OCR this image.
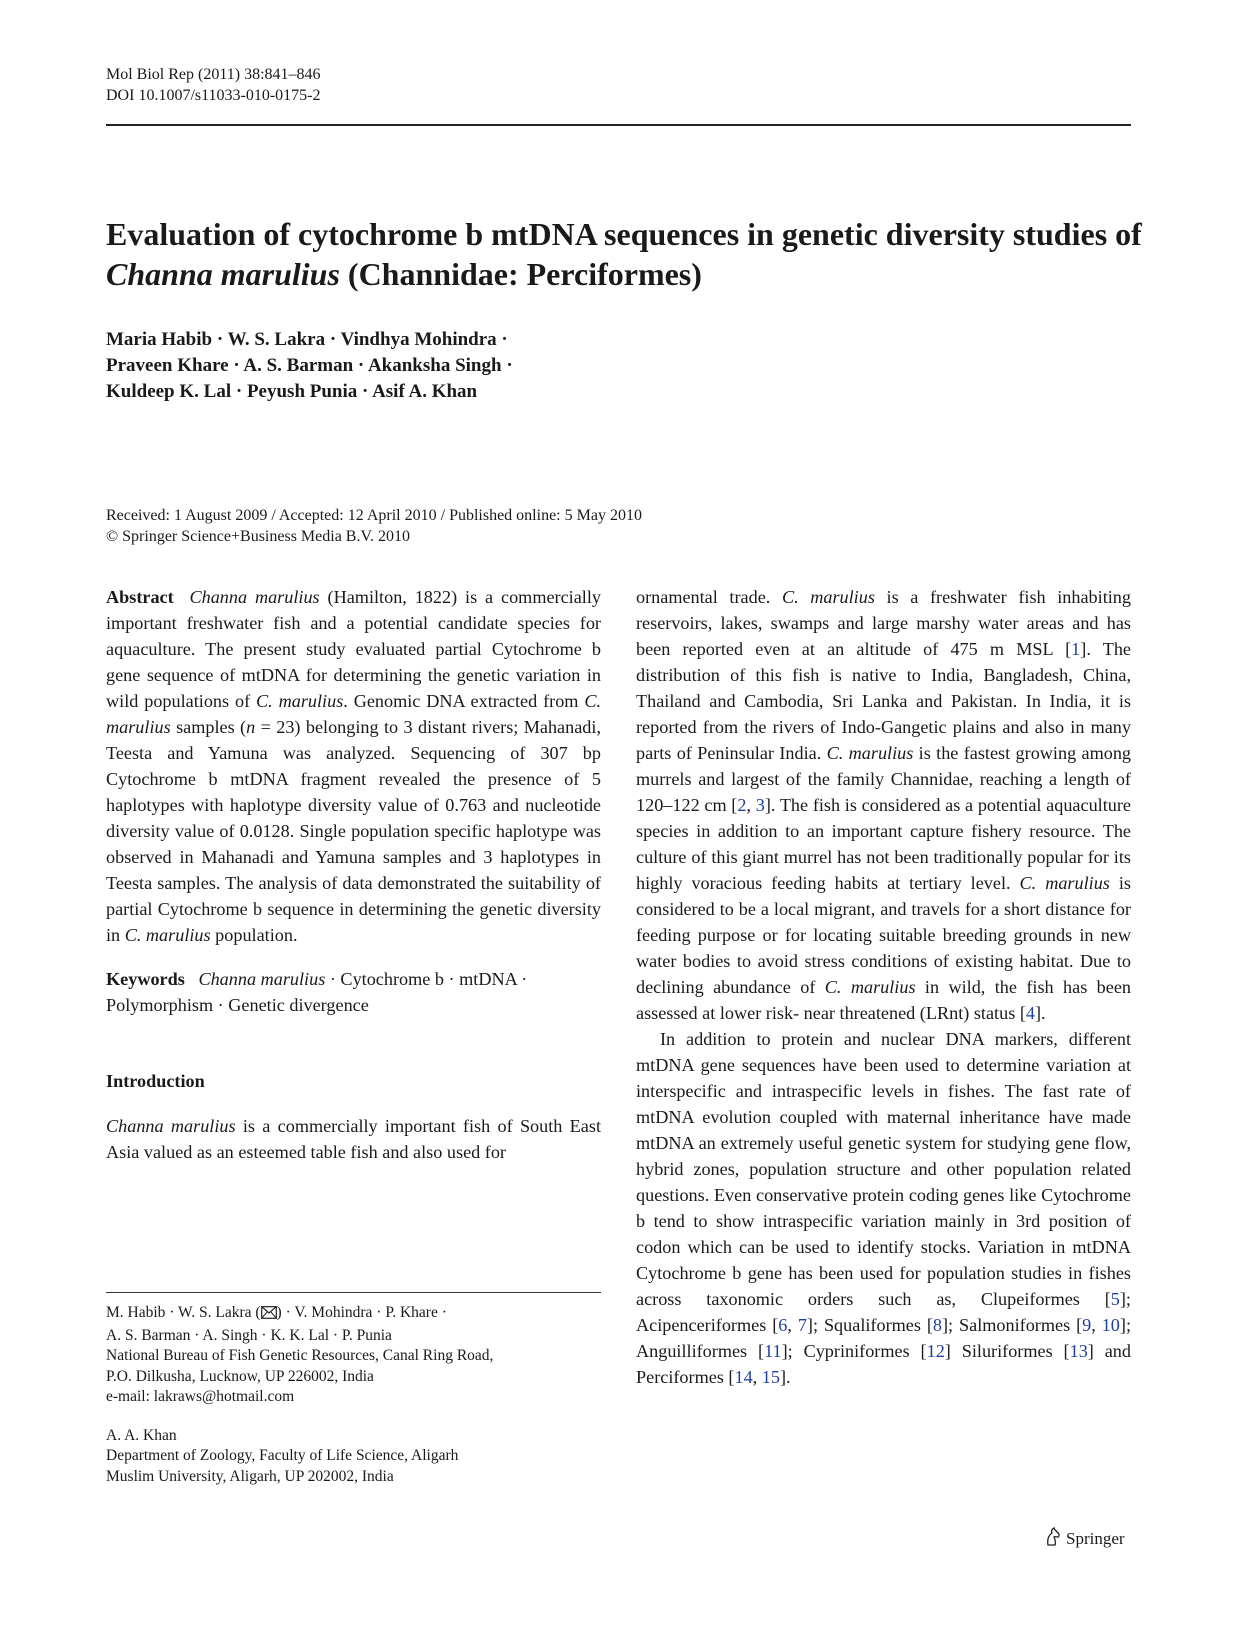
Mol Biol Rep (2011) 38:841–846
DOI 10.1007/s11033-010-0175-2
Evaluation of cytochrome b mtDNA sequences in genetic diversity studies of Channa marulius (Channidae: Perciformes)
Maria Habib · W. S. Lakra · Vindhya Mohindra ·
Praveen Khare · A. S. Barman · Akanksha Singh ·
Kuldeep K. Lal · Peyush Punia · Asif A. Khan
Received: 1 August 2009 / Accepted: 12 April 2010 / Published online: 5 May 2010
© Springer Science+Business Media B.V. 2010

Abstract Channa marulius (Hamilton, 1822) is a commercially important freshwater fish and a potential candidate species for aquaculture. The present study evaluated partial Cytochrome b gene sequence of mtDNA for determining the genetic variation in wild populations of C. marulius. Genomic DNA extracted from C. marulius samples (n = 23) belonging to 3 distant rivers; Mahanadi, Teesta and Yamuna was analyzed. Sequencing of 307 bp Cytochrome b mtDNA fragment revealed the presence of 5 haplotypes with haplotype diversity value of 0.763 and nucleotide diversity value of 0.0128. Single population specific haplotype was observed in Mahanadi and Yamuna samples and 3 haplotypes in Teesta samples. The analysis of data demonstrated the suitability of partial Cytochrome b sequence in determining the genetic diversity in C. marulius population.

Keywords Channa marulius · Cytochrome b · mtDNA · Polymorphism · Genetic divergence

Introduction

Channa marulius is a commercially important fish of South East Asia valued as an esteemed table fish and also used for

ornamental trade. C. marulius is a freshwater fish inhabiting reservoirs, lakes, swamps and large marshy water areas and has been reported even at an altitude of 475 m MSL [1]. The distribution of this fish is native to India, Bangladesh, China, Thailand and Cambodia, Sri Lanka and Pakistan. In India, it is reported from the rivers of Indo-Gangetic plains and also in many parts of Peninsular India. C. marulius is the fastest growing among murrels and largest of the family Channidae, reaching a length of 120–122 cm [2, 3]. The fish is considered as a potential aquaculture species in addition to an important capture fishery resource. The culture of this giant murrel has not been traditionally popular for its highly voracious feeding habits at tertiary level. C. marulius is considered to be a local migrant, and travels for a short distance for feeding purpose or for locating suitable breeding grounds in new water bodies to avoid stress conditions of existing habitat. Due to declining abundance of C. marulius in wild, the fish has been assessed at lower risk- near threatened (LRnt) status [4].

In addition to protein and nuclear DNA markers, different mtDNA gene sequences have been used to determine variation at interspecific and intraspecific levels in fishes. The fast rate of mtDNA evolution coupled with maternal inheritance have made mtDNA an extremely useful genetic system for studying gene flow, hybrid zones, population structure and other population related questions. Even conservative protein coding genes like Cytochrome b tend to show intraspecific variation mainly in 3rd position of codon which can be used to identify stocks. Variation in mtDNA Cytochrome b gene has been used for population studies in fishes across taxonomic orders such as, Clupeiformes [5]; Acipenceriformes [6, 7]; Squaliformes [8]; Salmoniformes [9, 10]; Anguilliformes [11]; Cypriniformes [12] Siluriformes [13] and Perciformes [14, 15].

M. Habib · W. S. Lakra ( ) · V. Mohindra · P. Khare ·

A. S. Barman · A. Singh · K. K. Lal · P. Punia

National Bureau of Fish Genetic Resources, Canal Ring Road,

P.O. Dilkusha, Lucknow, UP 226002, India

e-mail: lakraws@hotmail.com

A. A. Khan

Department of Zoology, Faculty of Life Science, Aligarh

Muslim University, Aligarh, UP 202002, India

Springer
